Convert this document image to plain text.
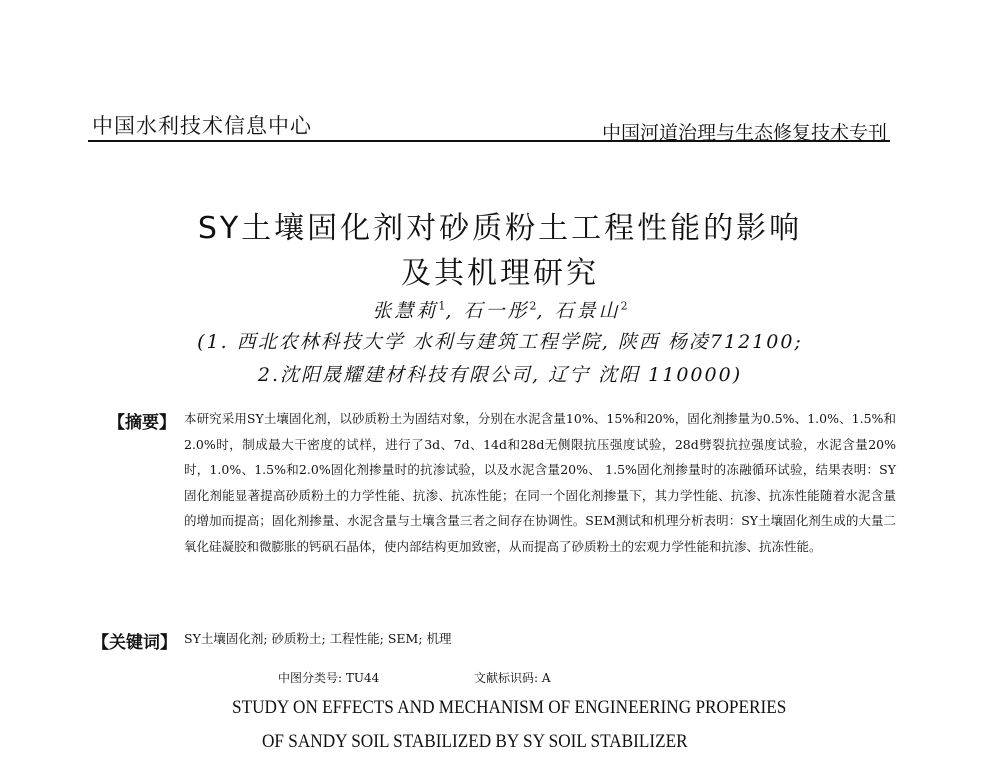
中国水利技术信息中心	中国河道治理与生态修复技术专刊
SY土壤固化剂对砂质粉土工程性能的影响
及其机理研究
张慧莉$^1$, 石一彤$^2$, 石景山$^2$
(1. 西北农林科技大学 水利与建筑工程学院, 陕西 杨凌712100;
2.沈阳晟耀建材科技有限公司, 辽宁 沈阳 110000)
【摘要】 本研究采用SY土壤固化剂，以砂质粉土为固结对象，分别在水泥含量10%、15%和20%，固化剂掺量为0.5%、1.0%、1.5%和2.0%时，制成最大干密度的试样，进行了3d、7d、14d和28d无侧限抗压强度试验，28d劈裂抗拉强度试验，水泥含量20%时，1.0%、1.5%和2.0%固化剂掺量时的抗渗试验，以及水泥含量20%、 1.5%固化剂掺量时的冻融循环试验，结果表明：SY固化剂能显著提高砂质粉土的力学性能、抗渗、抗冻性能；在同一个固化剂掺量下，其力学性能、抗渗、抗冻性能随着水泥含量的增加而提高；固化剂掺量、水泥含量与土壤含量三者之间存在协调性。SEM测试和机理分析表明：SY土壤固化剂生成的大量二氧化硅凝胶和微膨胀的钙矾石晶体，使内部结构更加致密，从而提高了砂质粉土的宏观力学性能和抗渗、抗冻性能。
【关键词】 SY土壤固化剂; 砂质粉土; 工程性能; SEM; 机理
中图分类号: TU44	文献标识码: A
STUDY ON EFFECTS AND MECHANISM OF ENGINEERING PROPERIES
OF SANDY SOIL STABILIZED BY SY SOIL STABILIZER
